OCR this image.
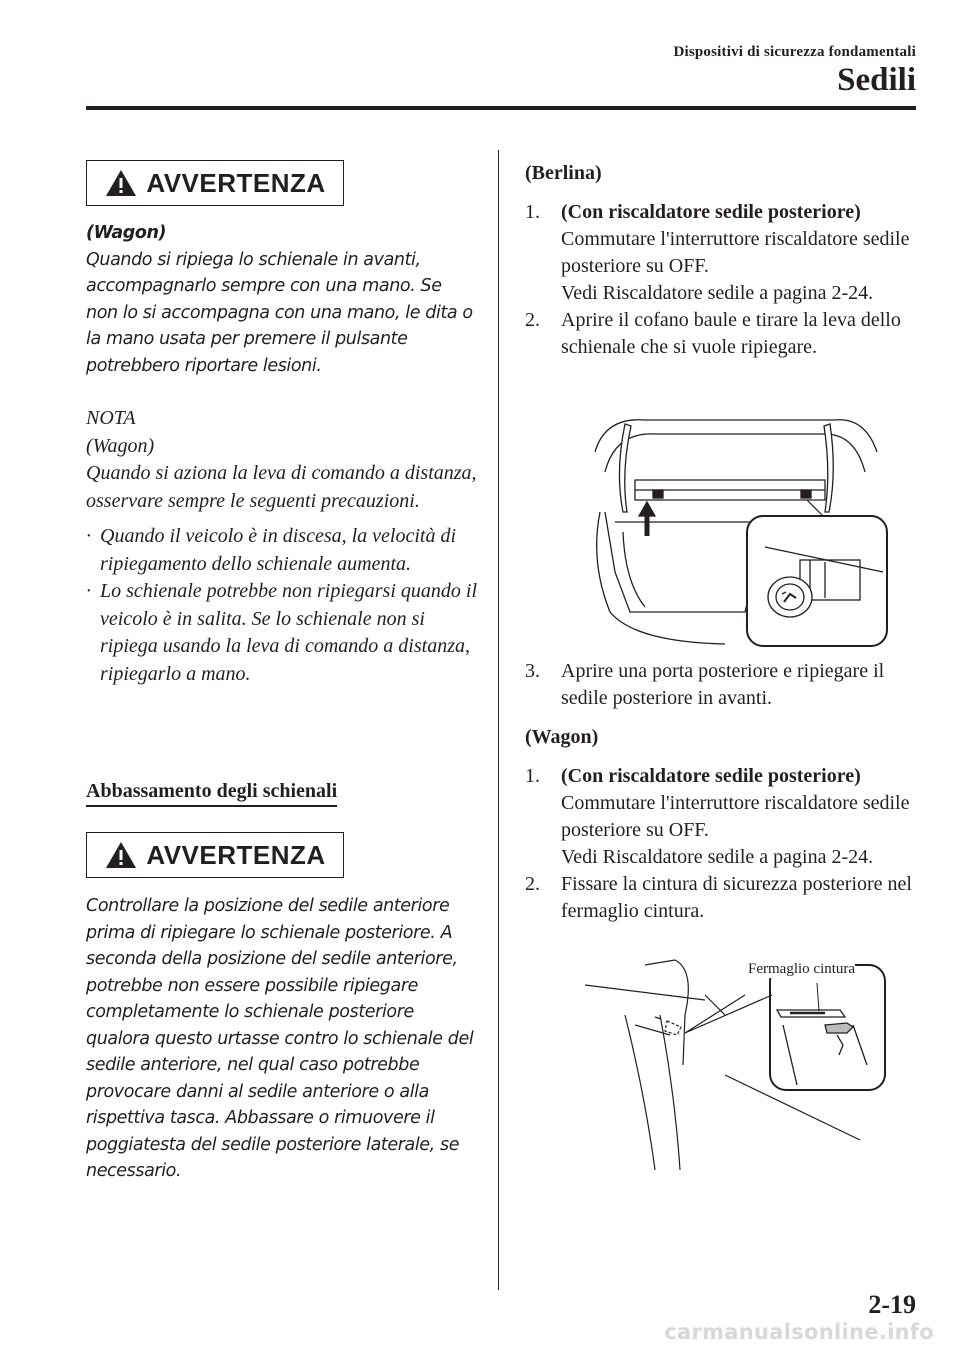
Dispositivi di sicurezza fondamentali
Sedili
AVVERTENZA
(Wagon)
Quando si ripiega lo schienale in avanti, accompagnarlo sempre con una mano. Se non lo si accompagna con una mano, le dita o la mano usata per premere il pulsante potrebbero riportare lesioni.
NOTA
(Wagon)
Quando si aziona la leva di comando a distanza, osservare sempre le seguenti precauzioni.
· Quando il veicolo è in discesa, la velocità di ripiegamento dello schienale aumenta.
· Lo schienale potrebbe non ripiegarsi quando il veicolo è in salita. Se lo schienale non si ripiega usando la leva di comando a distanza, ripiegarlo a mano.
Abbassamento degli schienali
AVVERTENZA
Controllare la posizione del sedile anteriore prima di ripiegare lo schienale posteriore. A seconda della posizione del sedile anteriore, potrebbe non essere possibile ripiegare completamente lo schienale posteriore qualora questo urtasse contro lo schienale del sedile anteriore, nel qual caso potrebbe provocare danni al sedile anteriore o alla rispettiva tasca. Abbassare o rimuovere il poggiatesta del sedile posteriore laterale, se necessario.
(Berlina)
1.	(Con riscaldatore sedile posteriore)
Commutare l'interruttore riscaldatore sedile posteriore su OFF.
Vedi Riscaldatore sedile a pagina 2-24.
2.	Aprire il cofano baule e tirare la leva dello schienale che si vuole ripiegare.
3.	Aprire una porta posteriore e ripiegare il sedile posteriore in avanti.
(Wagon)
1.	(Con riscaldatore sedile posteriore)
Commutare l'interruttore riscaldatore sedile posteriore su OFF.
Vedi Riscaldatore sedile a pagina 2-24.
2.	Fissare la cintura di sicurezza posteriore nel fermaglio cintura.
Fermaglio cintura
2-19
carmanualsonline.info
